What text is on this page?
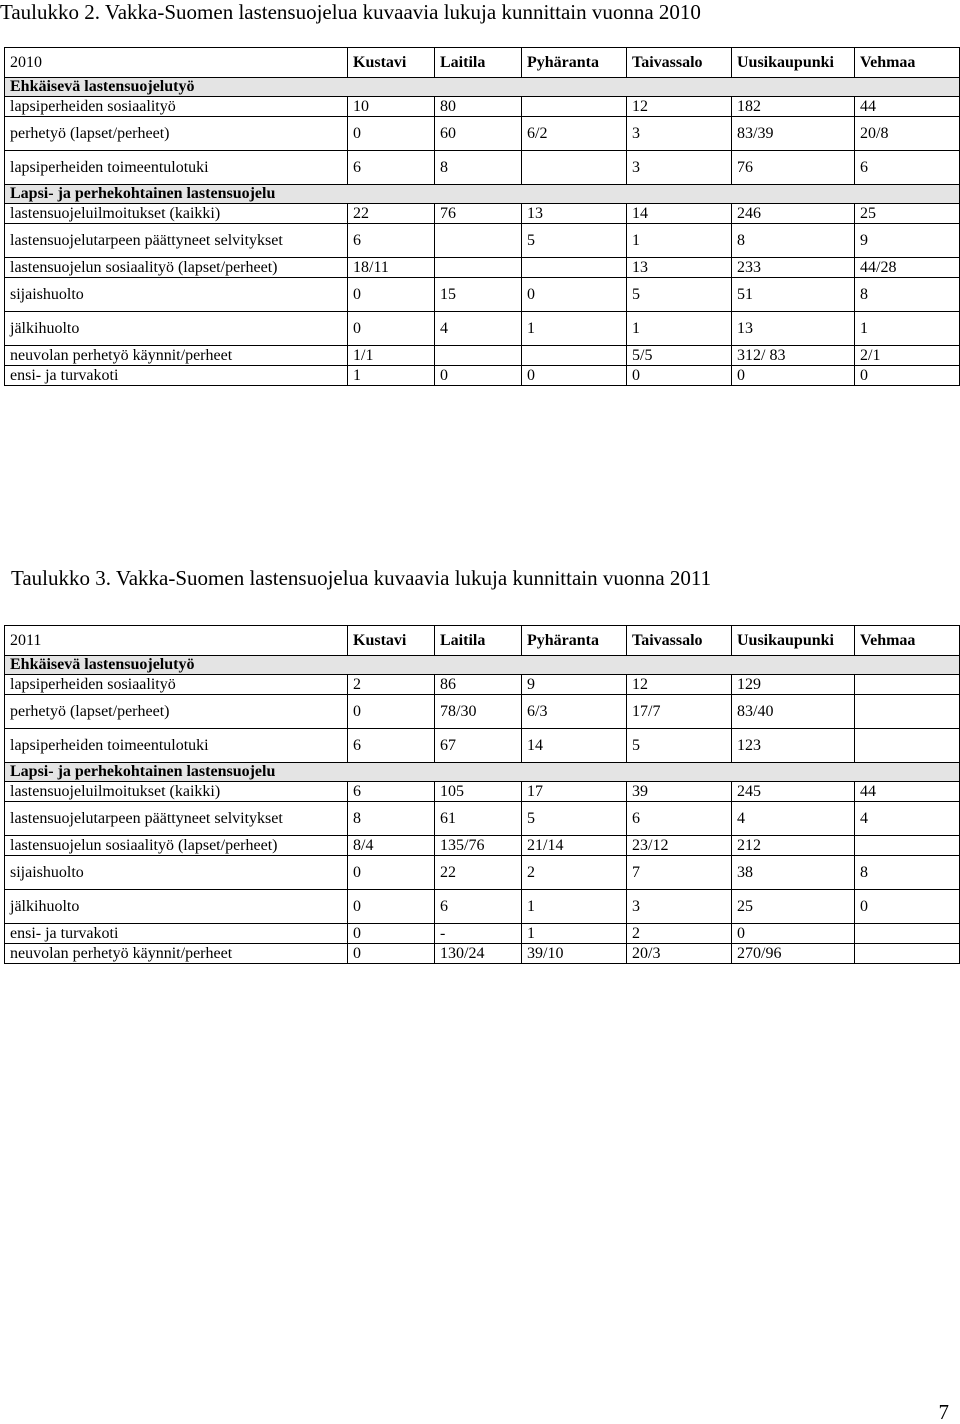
Taulukko 2. Vakka-Suomen lastensuojelua kuvaavia lukuja kunnittain vuonna 2010
2010	Kustavi	Laitila	Pyhäranta	Taivassalo	Uusikaupunki	Vehmaa
Ehkäisevä lastensuojelutyö						
lapsiperheiden sosiaalityö	10	80		12	182	44
perhetyö (lapset/perheet)	0	60	6/2	3	83/39	20/8
lapsiperheiden toimeentulotuki	6	8		3	76	6
Lapsi- ja perhekohtainen lastensuojelu						
lastensuojeluilmoitukset (kaikki)	22	76	13	14	246	25
lastensuojelutarpeen päättyneet selvitykset	6		5	1	8	9
lastensuojelun sosiaalityö (lapset/perheet)	18/11			13	233	44/28
sijaishuolto	0	15	0	5	51	8
jälkihuolto	0	4	1	1	13	1
neuvolan perhetyö käynnit/perheet	1/1			5/5	312/ 83	2/1
ensi- ja turvakoti	1	0	0	0	0	0
Taulukko 3. Vakka-Suomen lastensuojelua kuvaavia lukuja kunnittain vuonna 2011
2011	Kustavi	Laitila	Pyhäranta	Taivassalo	Uusikaupunki	Vehmaa
Ehkäisevä lastensuojelutyö						
lapsiperheiden sosiaalityö	2	86	9	12	129	
perhetyö (lapset/perheet)	0	78/30	6/3	17/7	83/40	
lapsiperheiden toimeentulotuki	6	67	14	5	123	
Lapsi- ja perhekohtainen lastensuojelu						
lastensuojeluilmoitukset (kaikki)	6	105	17	39	245	44
lastensuojelutarpeen päättyneet selvitykset	8	61	5	6	4	4
lastensuojelun sosiaalityö (lapset/perheet)	8/4	135/76	21/14	23/12	212	
sijaishuolto	0	22	2	7	38	8
jälkihuolto	0	6	1	3	25	0
ensi- ja turvakoti	0	-	1	2	0	
neuvolan perhetyö käynnit/perheet	0	130/24	39/10	20/3	270/96	
7
